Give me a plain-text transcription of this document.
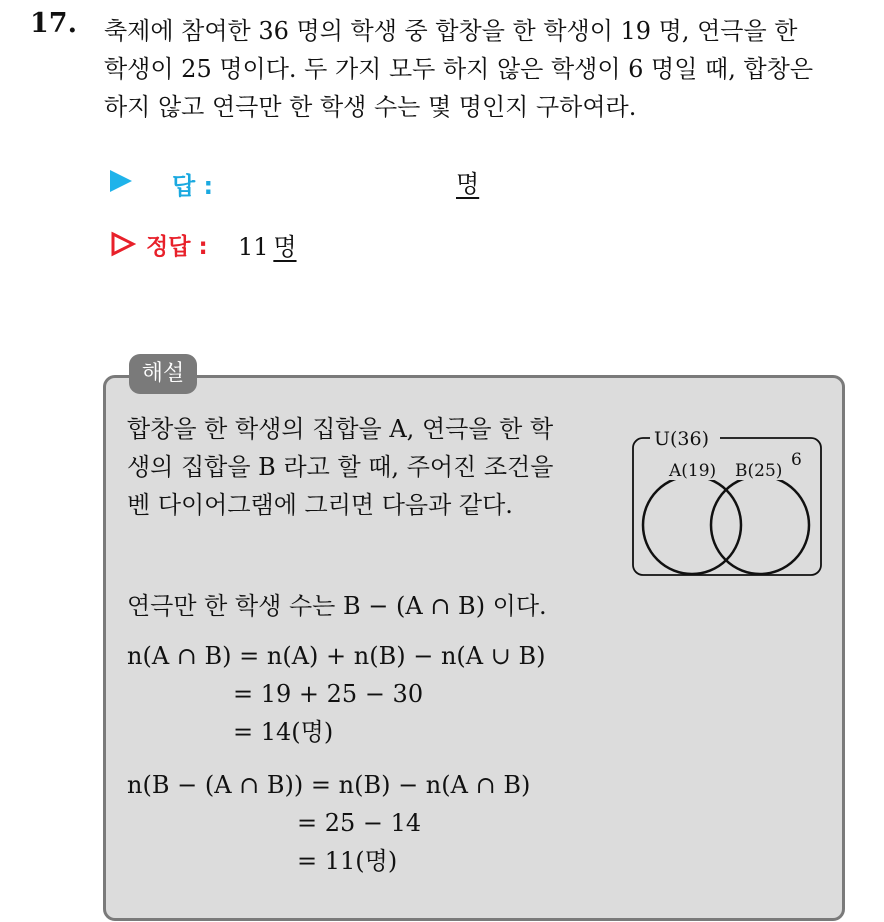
17. 축제에 참여한 36 명의 학생 중 합창을 한 학생이 19 명, 연극을 한
학생이 25 명이다. 두 가지 모두 하지 않은 학생이 6 명일 때, 합창은
하지 않고 연극만 한 학생 수는 몇 명인지 구하여라.
답 :	명
정답 : 11  명
해설
합창을 한 학생의 집합을 A, 연극을 한 학
생의 집합을 B 라고 할 때, 주어진 조건을
벤 다이어그램에 그리면 다음과 같다.
U(36)
A(19) B(25)
6
연극만 한 학생 수는 B − (A ∩ B) 이다.
n(A ∩ B) = n(A) + n(B) − n(A ∪ B)
= 19 + 25 − 30
= 14(명)
n(B − (A ∩ B)) = n(B) − n(A ∩ B)
= 25 − 14
= 11(명)
